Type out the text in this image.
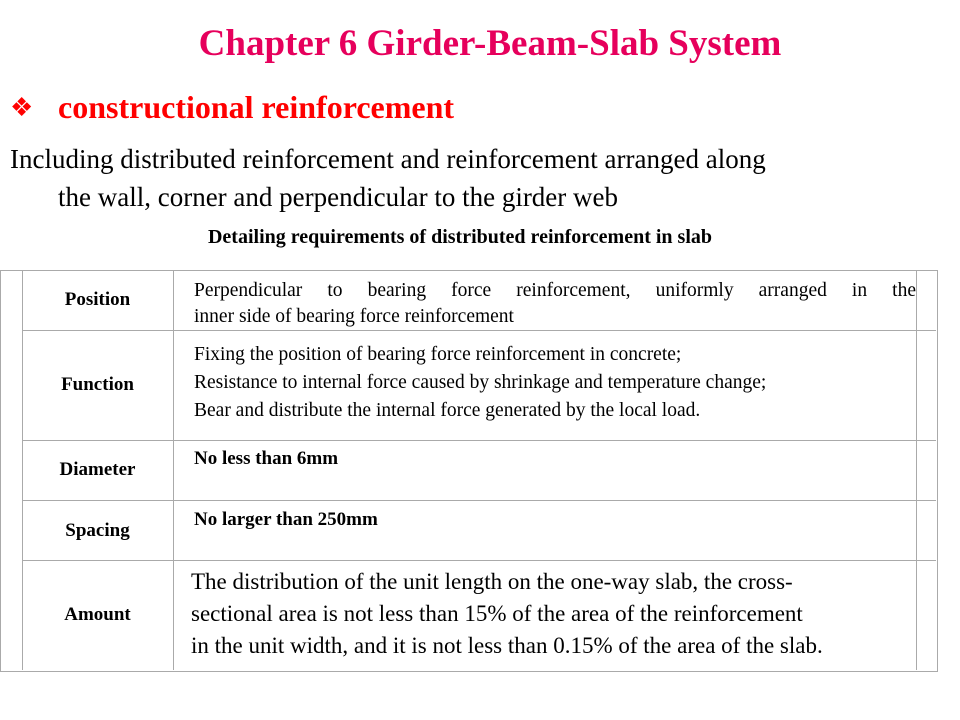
Chapter 6 Girder-Beam-Slab System
❖ constructional reinforcement
Including distributed reinforcement and reinforcement arranged along
the wall, corner and perpendicular to the girder web
Detailing requirements of distributed reinforcement in slab
Position	Perpendicular to bearing force reinforcement, uniformly arranged in the
inner side of bearing force reinforcement
Function
Fixing the position of bearing force reinforcement in concrete;
Resistance to internal force caused by shrinkage and temperature change;
Bear and distribute the internal force generated by the local load.
Diameter
No less than 6mm
Spacing
No larger than 250mm
Amount
The distribution of the unit length on the one-way slab, the cross-
sectional area is not less than 15% of the area of the reinforcement
in the unit width, and it is not less than 0.15% of the area of the slab.
